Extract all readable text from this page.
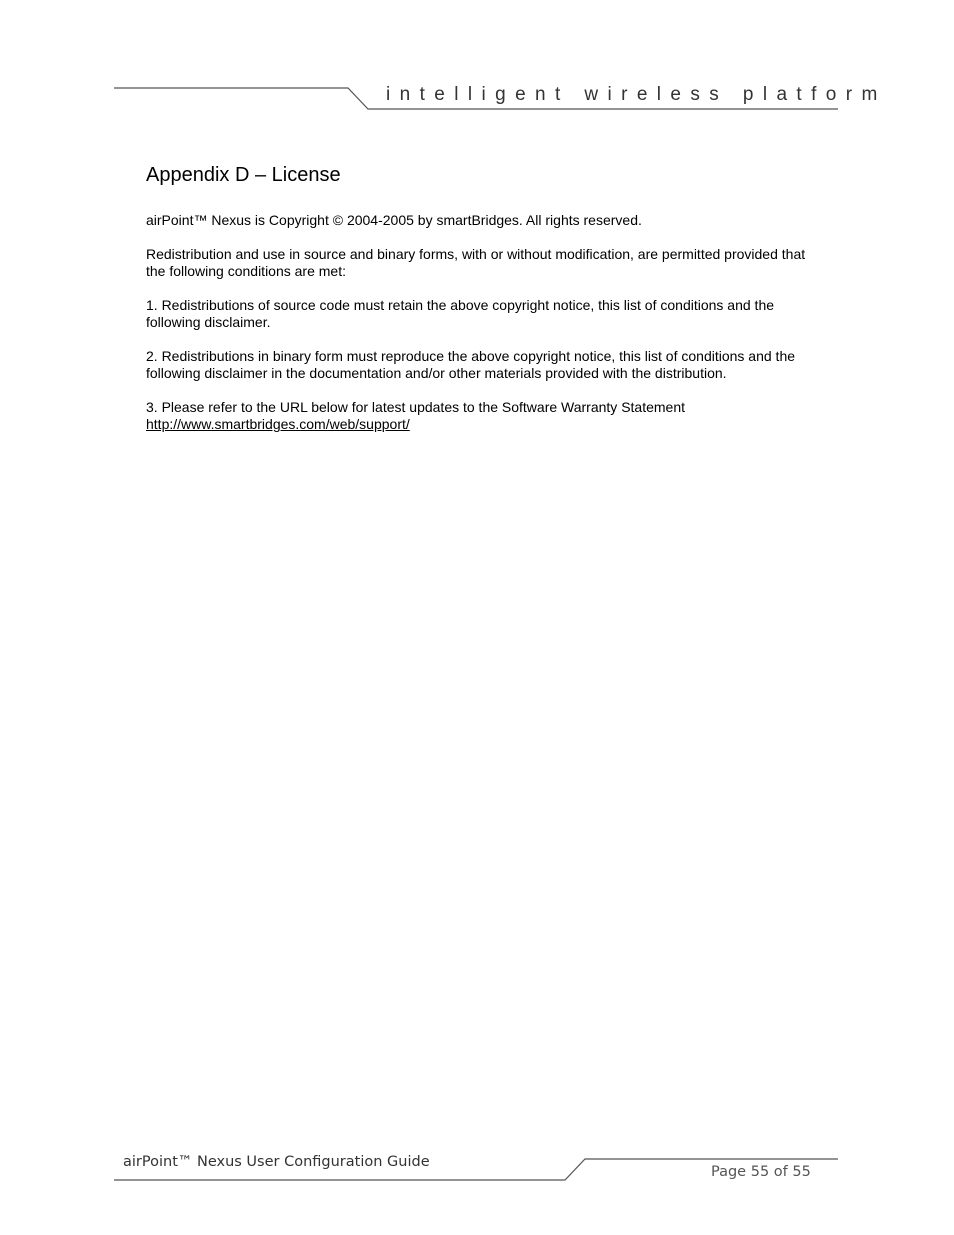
intelligent wireless platform

Appendix D – License

airPoint™ Nexus is Copyright © 2004-2005 by smartBridges. All rights reserved.

Redistribution and use in source and binary forms, with or without modification, are permitted provided that the following conditions are met:

1. Redistributions of source code must retain the above copyright notice, this list of conditions and the following disclaimer.

2. Redistributions in binary form must reproduce the above copyright notice, this list of conditions and the following disclaimer in the documentation and/or other materials provided with the distribution.

3. Please refer to the URL below for latest updates to the Software Warranty Statement
http://www.smartbridges.com/web/support/

airPoint™ Nexus User Configuration Guide

Page 55 of 55
